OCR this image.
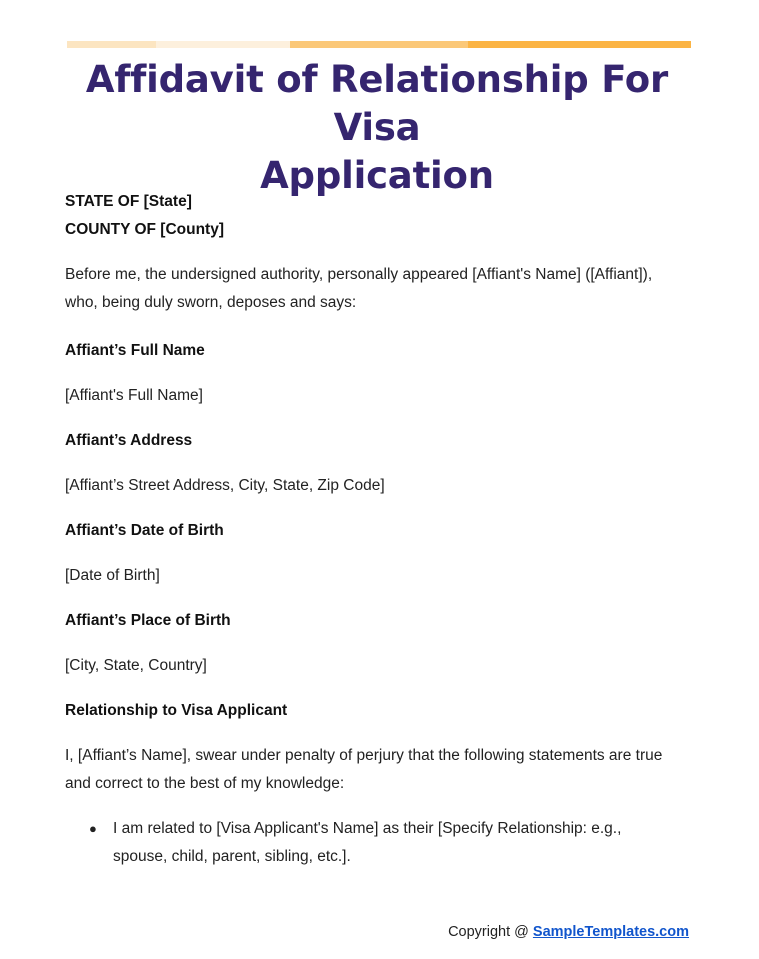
Affidavit of Relationship For Visa
Application

STATE OF [State]

COUNTY OF [County]

Before me, the undersigned authority, personally appeared [Affiant's Name] ([Affiant]),
who, being duly sworn, deposes and says:

Affiant’s Full Name

[Affiant's Full Name]

Affiant’s Address

[Affiant’s Street Address, City, State, Zip Code]

Affiant’s Date of Birth

[Date of Birth]

Affiant’s Place of Birth

[City, State, Country]

Relationship to Visa Applicant

I, [Affiant’s Name], swear under penalty of perjury that the following statements are true
and correct to the best of my knowledge:

● I am related to [Visa Applicant's Name] as their [Specify Relationship: e.g.,
spouse, child, parent, sibling, etc.].
Copyright @ SampleTemplates.com
